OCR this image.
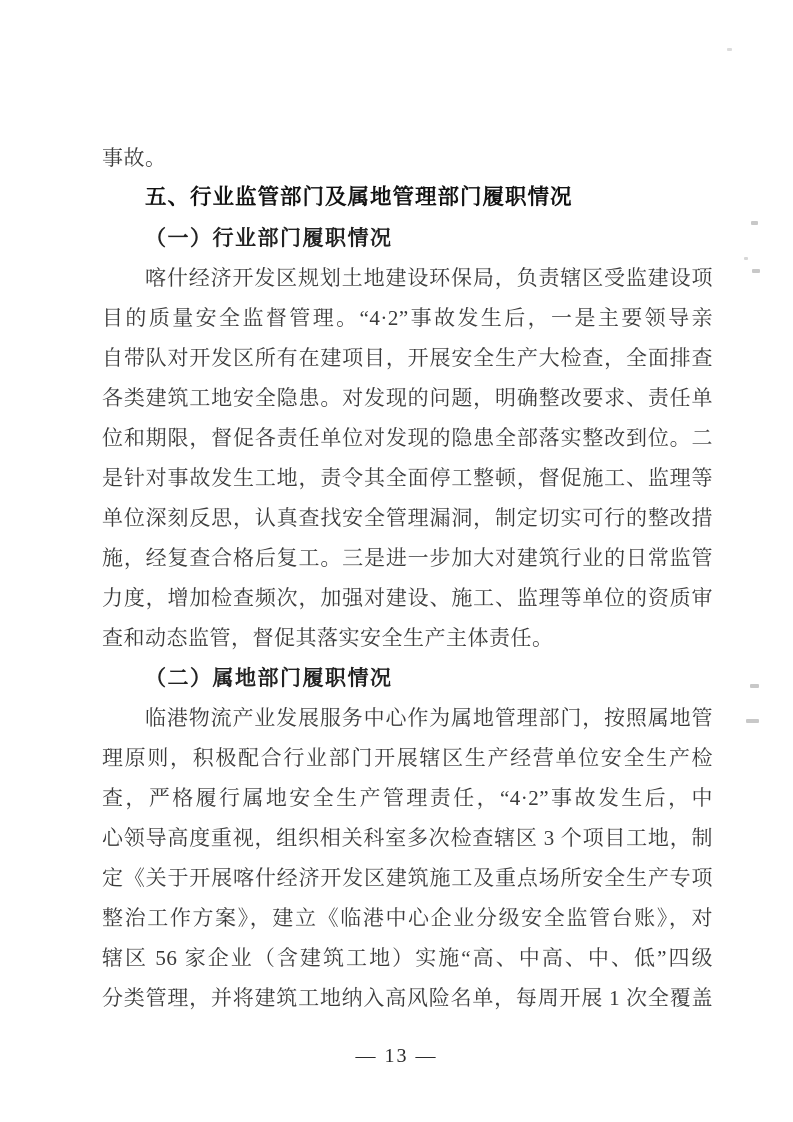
事故。
五、行业监管部门及属地管理部门履职情况
（一）行业部门履职情况
喀什经济开发区规划土地建设环保局，负责辖区受监建设项
目的质量安全监督管理。“4·2”事故发生后，一是主要领导亲
自带队对开发区所有在建项目，开展安全生产大检查，全面排查
各类建筑工地安全隐患。对发现的问题，明确整改要求、责任单
位和期限，督促各责任单位对发现的隐患全部落实整改到位。二
是针对事故发生工地，责令其全面停工整顿，督促施工、监理等
单位深刻反思，认真查找安全管理漏洞，制定切实可行的整改措
施，经复查合格后复工。三是进一步加大对建筑行业的日常监管
力度，增加检查频次，加强对建设、施工、监理等单位的资质审
查和动态监管，督促其落实安全生产主体责任。
（二）属地部门履职情况
临港物流产业发展服务中心作为属地管理部门，按照属地管
理原则，积极配合行业部门开展辖区生产经营单位安全生产检
查，严格履行属地安全生产管理责任，“4·2”事故发生后，中
心领导高度重视，组织相关科室多次检查辖区 3 个项目工地，制
定《关于开展喀什经济开发区建筑施工及重点场所安全生产专项
整治工作方案》，建立《临港中心企业分级安全监管台账》，对
辖区 56 家企业（含建筑工地）实施“高、中高、中、低”四级
分类管理，并将建筑工地纳入高风险名单，每周开展 1 次全覆盖
— 13 —
